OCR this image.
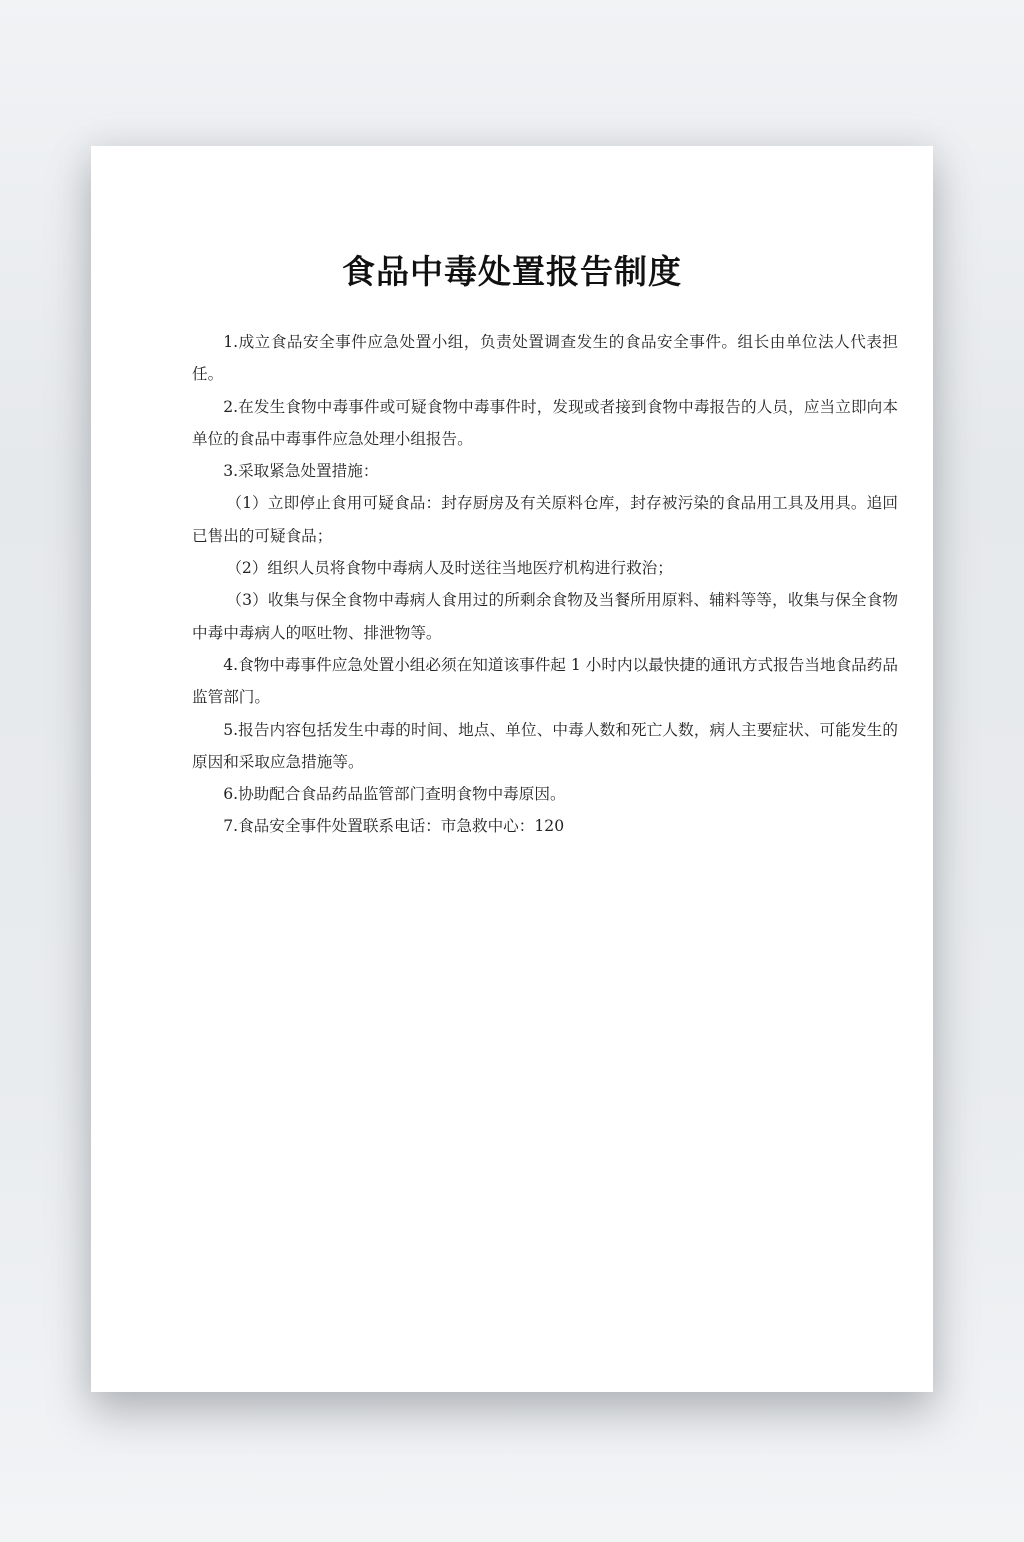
食品中毒处置报告制度

1.成立食品安全事件应急处置小组，负责处置调查发生的食品安全事件。组长由单位法人代表担任。

2.在发生食物中毒事件或可疑食物中毒事件时，发现或者接到食物中毒报告的人员，应当立即向本单位的食品中毒事件应急处理小组报告。

3.采取紧急处置措施：

（1）立即停止食用可疑食品：封存厨房及有关原料仓库，封存被污染的食品用工具及用具。追回已售出的可疑食品；

（2）组织人员将食物中毒病人及时送往当地医疗机构进行救治；

（3）收集与保全食物中毒病人食用过的所剩余食物及当餐所用原料、辅料等等，收集与保全食物中毒中毒病人的呕吐物、排泄物等。

4.食物中毒事件应急处置小组必须在知道该事件起 1 小时内以最快捷的通讯方式报告当地食品药品监管部门。

5.报告内容包括发生中毒的时间、地点、单位、中毒人数和死亡人数，病人主要症状、可能发生的原因和采取应急措施等。

6.协助配合食品药品监管部门查明食物中毒原因。

7.食品安全事件处置联系电话：市急救中心：120
